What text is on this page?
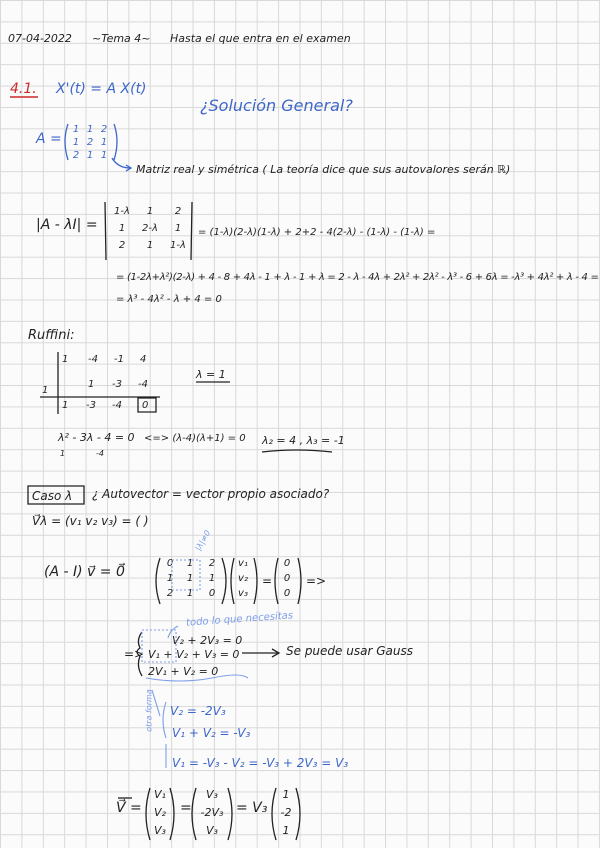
07-04-2022 ~Tema 4~ Hasta el que entra en el examen
4.1. X'(t) = A X(t)
¿Solución General?
A =
1 1 2
1 2 1
2 1 1
Matriz real y simétrica ( La teoría dice que sus autovalores serán ℝ)
|A - λI| =
1-λ	1	2
1	2-λ	1
2	1	1-λ
= (1-λ)(2-λ)(1-λ) + 2+2 - 4(2-λ) - (1-λ) - (1-λ) =
= (1-2λ+λ²)(2-λ) + 4 - 8 + 4λ - 1 + λ - 1 + λ = 2 - λ - 4λ + 2λ² + 2λ² - λ³ - 6 + 6λ = -λ³ + 4λ² + λ - 4 =
= λ³ - 4λ² - λ + 4 = 0
Ruffini:
1 -4 -1 4
1
1 -3 -4
1 -3 -4 0
λ = 1
λ² - 3λ - 4 = 0 <=> (λ-4)(λ+1) = 0
1	-4
λ₂ = 4 , λ₃ = -1
Caso λ ¿ Autovector = vector propio asociado?
V⃗λ = (v₁ v₂ v₃) = ( )
(A - I) v⃗ = 0⃗
|λ|≠0
0	1	2
1	1	1
2	1	0
v₁
v₂
v₃
=
0
0
0
=>
todo lo que necesitas
=>
V₂ + 2V₃ = 0
V₁ + V₂ + V₃ = 0
2V₁ + V₂ = 0
Se puede usar Gauss
otra forma V₂ = -2V₃
V₁ + V₂ = -V₃
V₁ = -V₃ - V₂ = -V₃ + 2V₃ = V₃
V⃗ =
V₁
V₂
V₃
=
V₃
-2V₃
V₃
= V₃
1
-2
1
